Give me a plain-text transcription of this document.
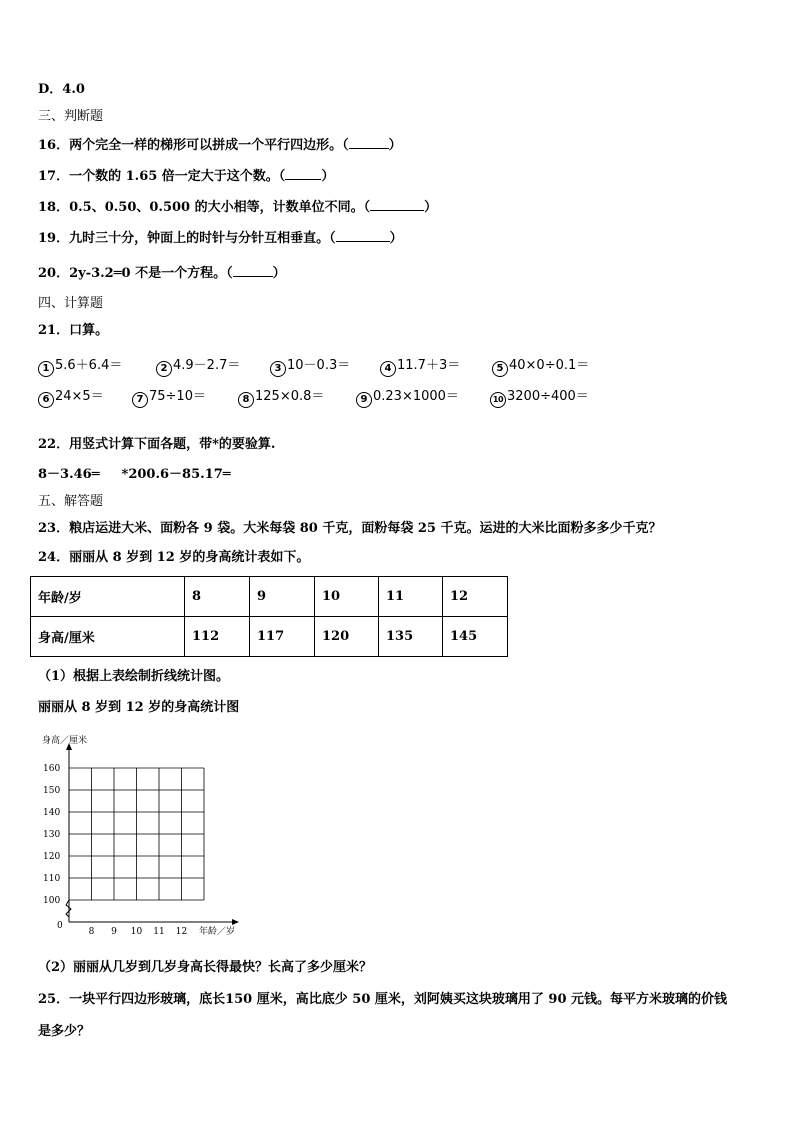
D．4.0
三、判断题
16．两个完全一样的梯形可以拼成一个平行四边形。（	）
17．一个数的 1.65 倍一定大于这个数。（	）
18．0.5、0.50、0.500 的大小相等，计数单位不同。（	）
19．九时三十分，钟面上的时针与分针互相垂直。（	）
20．2y-3.2═0 不是一个方程。（	）
四、计算题
21．口算。
1 5.6＋6.4＝	2 4.9－2.7＝	3 10－0.3＝	4 11.7＋3＝	5 40×0÷0.1＝
6 24×5＝	7 75÷10＝	8 125×0.8＝	9 0.23×1000＝	10 3200÷400＝
22．用竖式计算下面各题，带*的要验算.
8－3.46═ *200.6－85.17═
五、解答题
23．粮店运进大米、面粉各 9 袋。大米每袋 80 千克，面粉每袋 25 千克。运进的大米比面粉多多少千克？
24．丽丽从 8 岁到 12 岁的身高统计表如下。
年龄/岁	8	9	10	11	12
身高/厘米	112	117	120	135	145
（1）根据上表绘制折线统计图。
丽丽从 8 岁到 12 岁的身高统计图
身高／厘米
年龄／岁
0
100
110
120
130
140
150
160
8 9 10 11 12
（2）丽丽从几岁到几岁身高长得最快？长高了多少厘米？
25．一块平行四边形玻璃，底长150 厘米，高比底少 50 厘米，刘阿姨买这块玻璃用了 90 元钱。每平方米玻璃的价钱
是多少？
